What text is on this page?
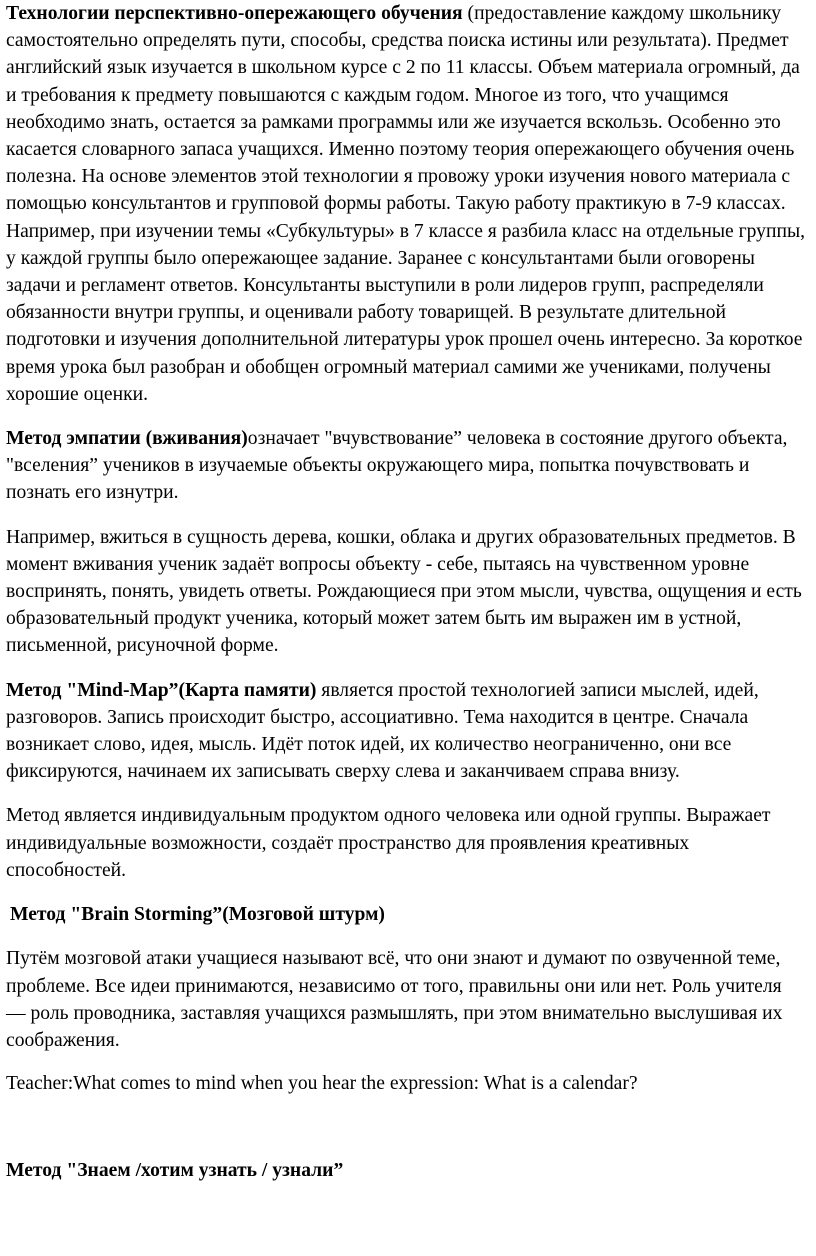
Технологии перспективно-опережающего обучения (предоставление каждому школьнику самостоятельно определять пути, способы, средства поиска истины или результата). Предмет английский язык изучается в школьном курсе с 2 по 11 классы. Объем материала огромный, да и требования к предмету повышаются с каждым годом. Многое из того, что учащимся необходимо знать, остается за рамками программы или же изучается вскользь. Особенно это касается словарного запаса учащихся. Именно поэтому теория опережающего обучения очень полезна. На основе элементов этой технологии я провожу уроки изучения нового материала с помощью консультантов и групповой формы работы. Такую работу практикую в 7-9 классах. Например, при изучении темы «Субкультуры» в 7 классе я разбила класс на отдельные группы, у каждой группы было опережающее задание. Заранее с консультантами были оговорены задачи и регламент ответов. Консультанты выступили в роли лидеров групп, распределяли обязанности внутри группы, и оценивали работу товарищей. В результате длительной подготовки и изучения дополнительной литературы урок прошел очень интересно. За короткое время урока был разобран и обобщен огромный материал самими же учениками, получены хорошие оценки.

Метод эмпатии (вживания)означает "вчувствование” человека в состояние другого объекта, "вселения” учеников в изучаемые объекты окружающего мира, попытка почувствовать и познать его изнутри.

Например, вжиться в сущность дерева, кошки, облака и других образовательных предметов. В момент вживания ученик задаёт вопросы объекту - себе, пытаясь на чувственном уровне воспринять, понять, увидеть ответы. Рождающиеся при этом мысли, чувства, ощущения и есть образовательный продукт ученика, который может затем быть им выражен им в устной, письменной, рисуночной форме.

Метод "Mind-Map”(Карта памяти) является простой технологией записи мыслей, идей, разговоров. Запись происходит быстро, ассоциативно. Тема находится в центре. Сначала возникает слово, идея, мысль. Идёт поток идей, их количество неограниченно, они все фиксируются, начинаем их записывать сверху слева и заканчиваем справа внизу.

Метод является индивидуальным продуктом одного человека или одной группы. Выражает индивидуальные возможности, создаёт пространство для проявления креативных способностей.

Метод "Brain Storming”(Мозговой штурм)

Путём мозговой атаки учащиеся называют всё, что они знают и думают по озвученной теме, проблеме. Все идеи принимаются, независимо от того, правильны они или нет. Роль учителя — роль проводника, заставляя учащихся размышлять, при этом внимательно выслушивая их соображения.

Teacher:What comes to mind when you hear the expression: What is a calendar?

Метод "Знаем /хотим узнать / узнали”
